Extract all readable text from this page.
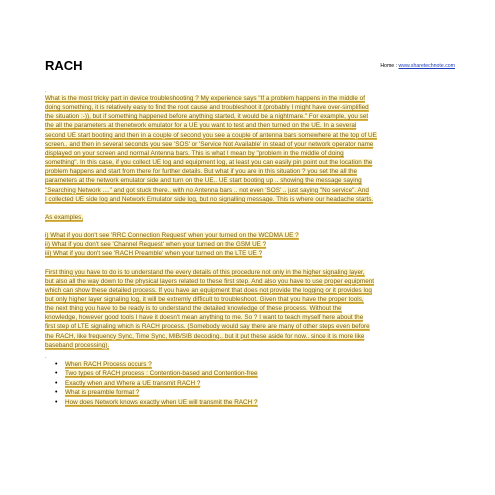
RACH	Home : www.sharetechnote.com
.

What is the most tricky part in device troubleshooting ? My experience says "If a problem happens in the middle of

doing something, it is relatively easy to find the root cause and troubleshoot it (probably I might have over-simplified

the situation :-)), but if something happened before anything started, it would be a nightmare." For example, you set

the all the parameters at thenetwork emulator for a UE you want to test and then turned on the UE. In a several

second UE start booting and then in a couple of second you see a couple of antenna bars somewhere at the top of UE

screen.. and then in several seconds you see 'SOS' or 'Service Not Available' in stead of your network operator name

displayed on your screen and normal Antenna bars. This is what I mean by "problem in the middle of doing

something". In this case, if you collect UE log and equipment log, at least you can easily pin point out the location the

problem happens and start from there for further details. But what if you are in this situation ? you set the all the

parameters at the network emulator side and turn on the UE.. UE start booting up .. showing the message saying

"Searching Network ...." and got stuck there.. with no Antenna bars .. not even 'SOS' .. just saying "No service". And

I collected UE side log and Network Emulator side log, but no signalling message. This is where our headache starts.

As examples,

i) What if you don't see 'RRC Connection Request' when your turned on the WCDMA UE ?

ii) What if you don't see 'Channel Request' when your turned on the GSM UE ?

iii) What if you don't see 'RACH Preamble' when your turned on the LTE UE ?

First thing you have to do is to understand the every details of this procedure not only in the higher signaling layer,

but also all the way down to the physical layers related to these first step. And also you have to use proper equipment

which can show these detailed process. If you have an equipment that does not provide the logging or it provides log

but only higher layer signaling log, it will be extremly difficult to troubleshoot. Given that you have the proper tools,

the next thing you have to be ready is to understand the detailed knowledge of these process. Without the

knowledge, however good tools I have it doesn't mean anything to me. So ? I want to teach myself here about the

first step of LTE signaling which is RACH process. (Somebody would say there are many of other steps even before

the RACH, like frequency Sync, Time Sync, MIB/SIB decoding.. but it put these aside for now.. since it is more like

baseband processing).

.
• When RACH Process occurs ?
• Two types of RACH process : Contention-based and Contention-free
• Exactly when and Where a UE transmit RACH ?
• What is preamble format ?
• How does Network knows exactly when UE will transmit the RACH ?
